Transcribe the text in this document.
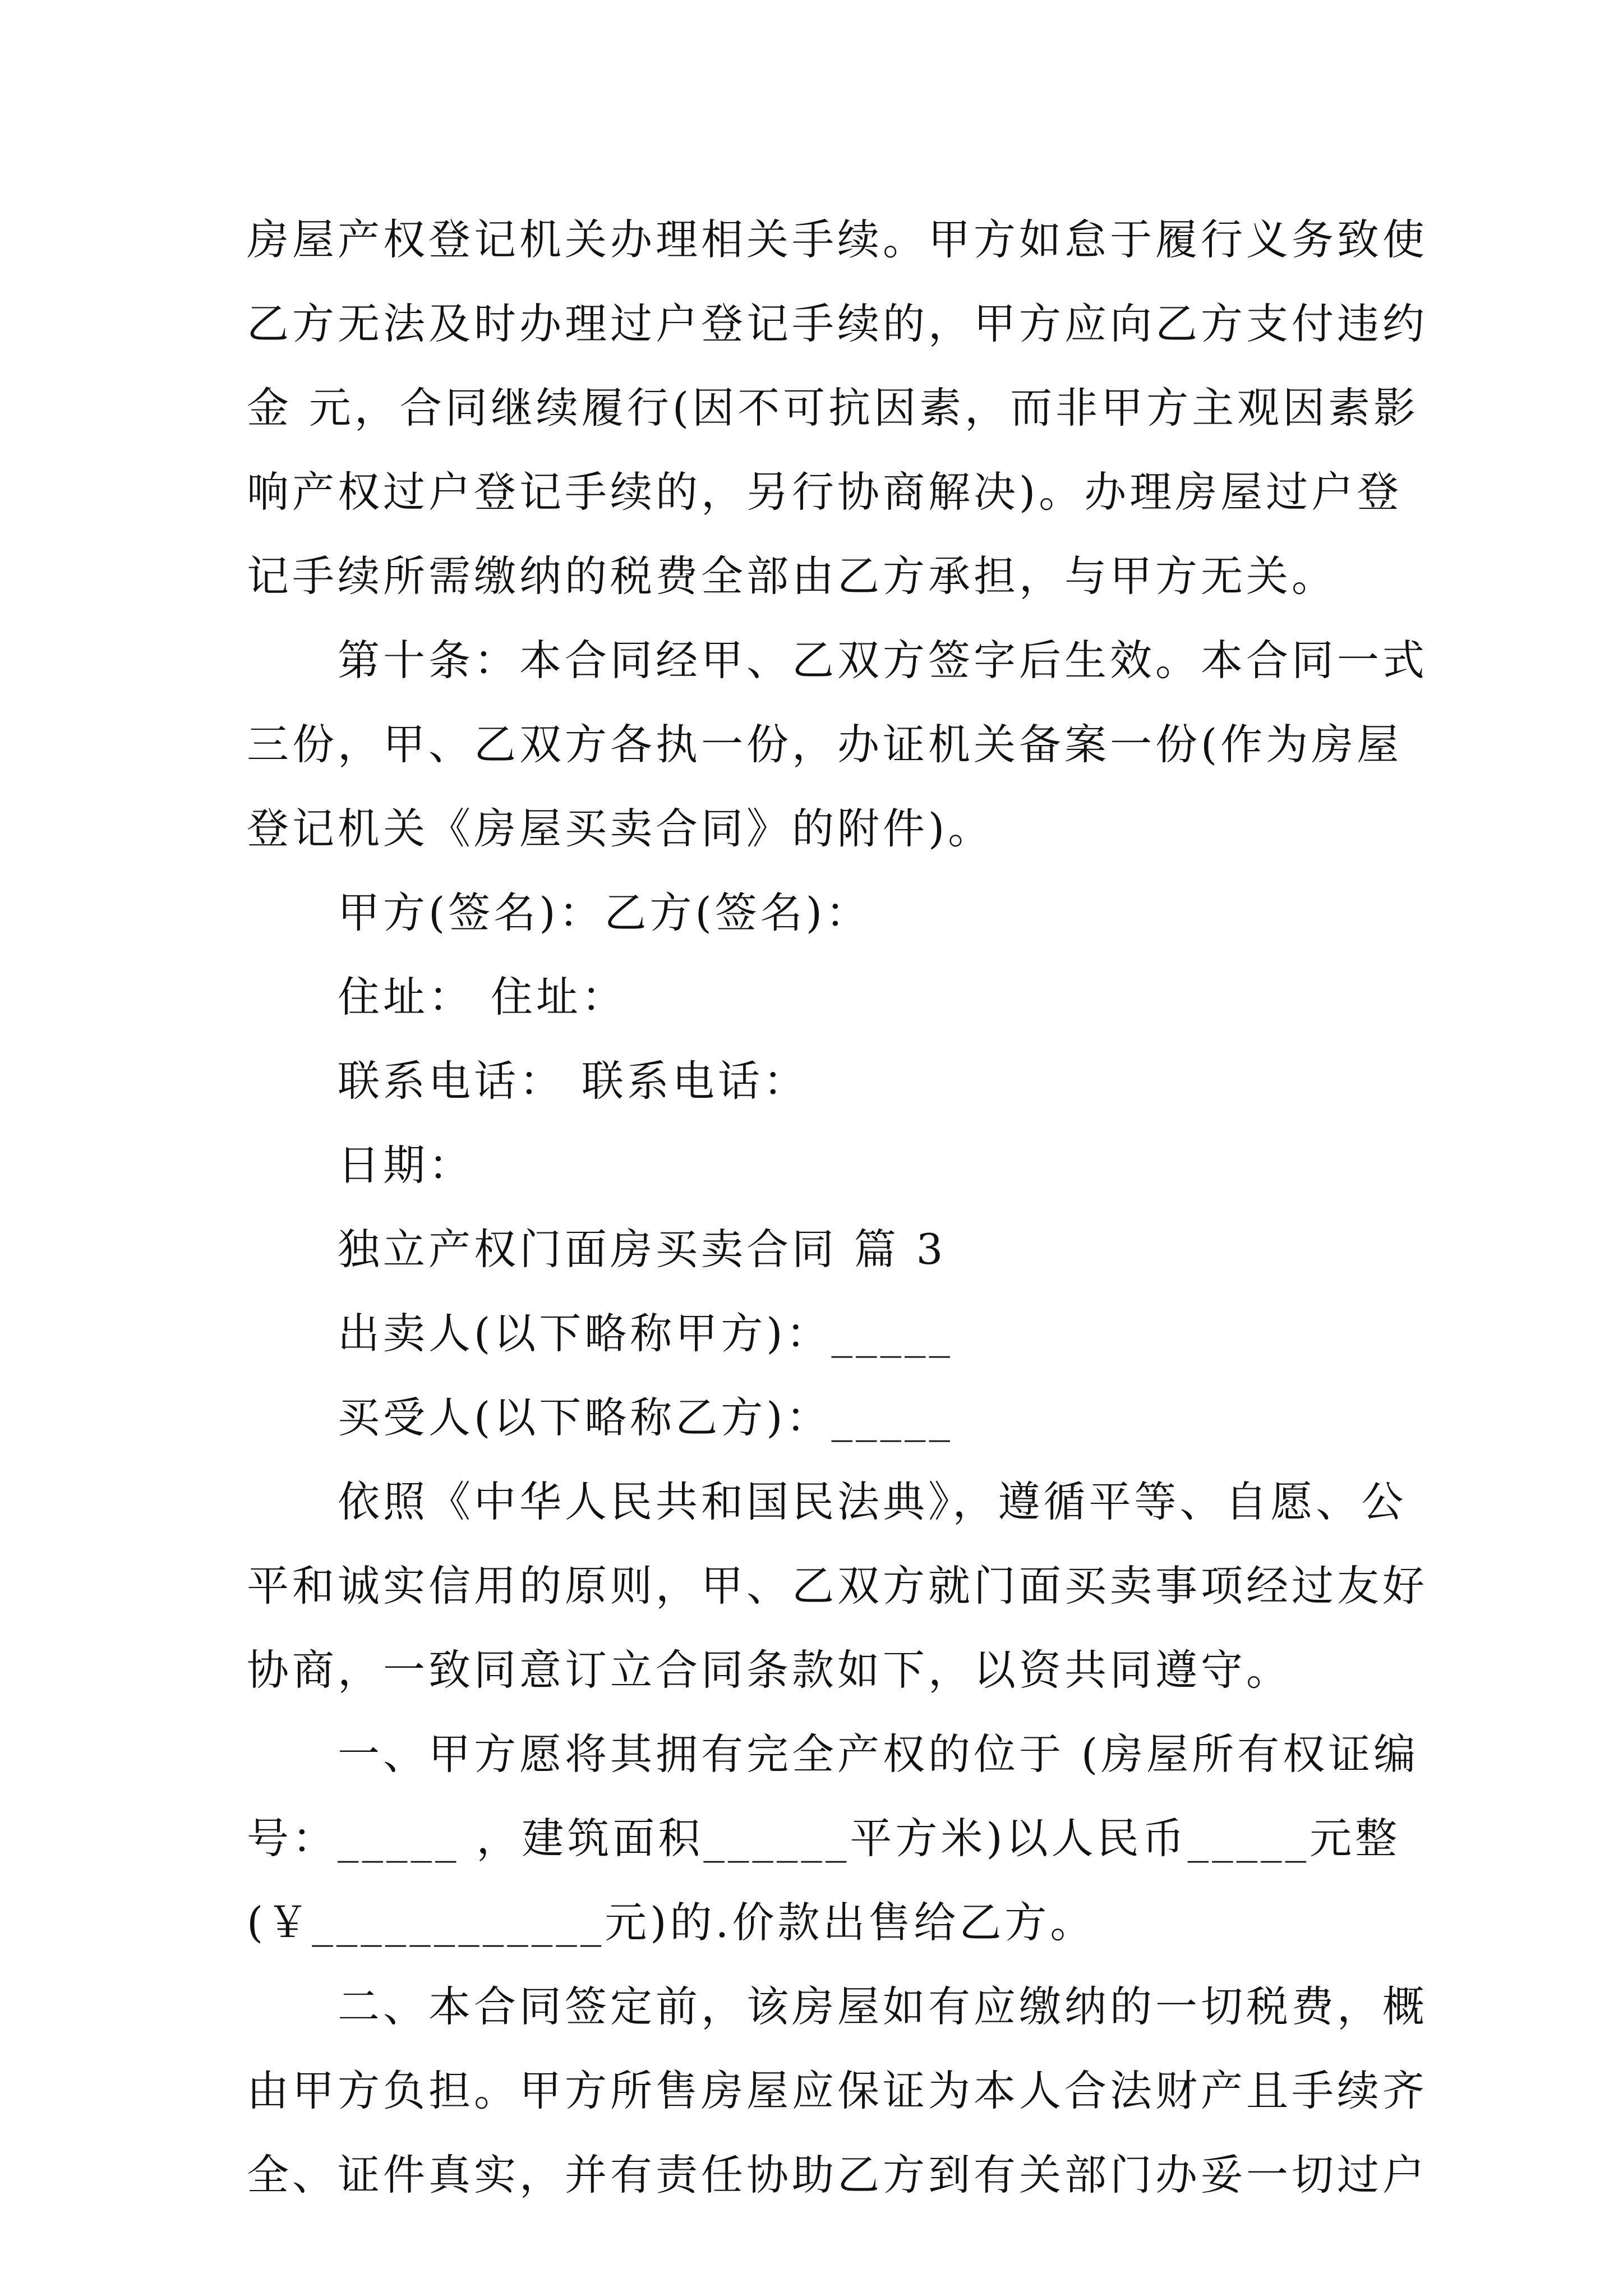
房屋产权登记机关办理相关手续。甲方如怠于履行义务致使
乙方无法及时办理过户登记手续的，甲方应向乙方支付违约
金 元，合同继续履行(因不可抗因素，而非甲方主观因素影
响产权过户登记手续的，另行协商解决)。办理房屋过户登
记手续所需缴纳的税费全部由乙方承担，与甲方无关。
第十条：本合同经甲、乙双方签字后生效。本合同一式
三份，甲、乙双方各执一份，办证机关备案一份(作为房屋
登记机关《房屋买卖合同》的附件)。
甲方(签名)：乙方(签名)：
住址： 住址：
联系电话： 联系电话：
日期：
独立产权门面房买卖合同 篇 3
出卖人(以下略称甲方)：_____
买受人(以下略称乙方)：_____
依照《中华人民共和国民法典》，遵循平等、自愿、公
平和诚实信用的原则，甲、乙双方就门面买卖事项经过友好
协商，一致同意订立合同条款如下，以资共同遵守。
一、甲方愿将其拥有完全产权的位于 (房屋所有权证编
号：_____ ，建筑面积______平方米)以人民币_____元整
(￥____________元)的.价款出售给乙方。
二、本合同签定前，该房屋如有应缴纳的一切税费，概
由甲方负担。甲方所售房屋应保证为本人合法财产且手续齐
全、证件真实，并有责任协助乙方到有关部门办妥一切过户
